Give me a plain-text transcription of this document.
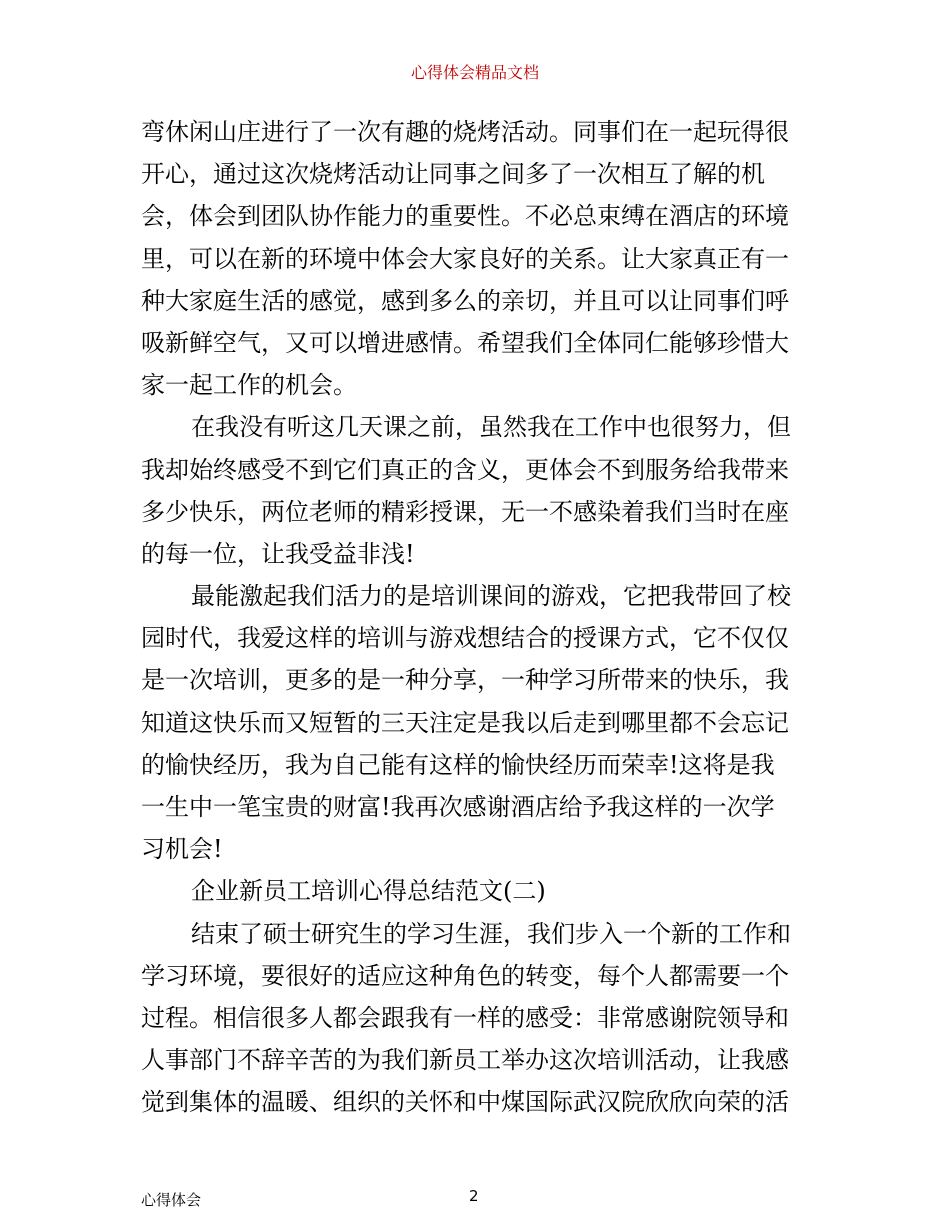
心得体会精品文档
弯休闲山庄进行了一次有趣的烧烤活动。同事们在一起玩得很
开心，通过这次烧烤活动让同事之间多了一次相互了解的机
会，体会到团队协作能力的重要性。不必总束缚在酒店的环境
里，可以在新的环境中体会大家良好的关系。让大家真正有一
种大家庭生活的感觉，感到多么的亲切，并且可以让同事们呼
吸新鲜空气，又可以增进感情。希望我们全体同仁能够珍惜大
家一起工作的机会。
在我没有听这几天课之前，虽然我在工作中也很努力，但
我却始终感受不到它们真正的含义，更体会不到服务给我带来
多少快乐，两位老师的精彩授课，无一不感染着我们当时在座
的每一位，让我受益非浅!
最能激起我们活力的是培训课间的游戏，它把我带回了校
园时代，我爱这样的培训与游戏想结合的授课方式，它不仅仅
是一次培训，更多的是一种分享，一种学习所带来的快乐，我
知道这快乐而又短暂的三天注定是我以后走到哪里都不会忘记
的愉快经历，我为自己能有这样的愉快经历而荣幸!这将是我
一生中一笔宝贵的财富!我再次感谢酒店给予我这样的一次学
习机会!
企业新员工培训心得总结范文(二)
结束了硕士研究生的学习生涯，我们步入一个新的工作和
学习环境，要很好的适应这种角色的转变，每个人都需要一个
过程。相信很多人都会跟我有一样的感受：非常感谢院领导和
人事部门不辞辛苦的为我们新员工举办这次培训活动，让我感
觉到集体的温暖、组织的关怀和中煤国际武汉院欣欣向荣的活
心得体会	2
